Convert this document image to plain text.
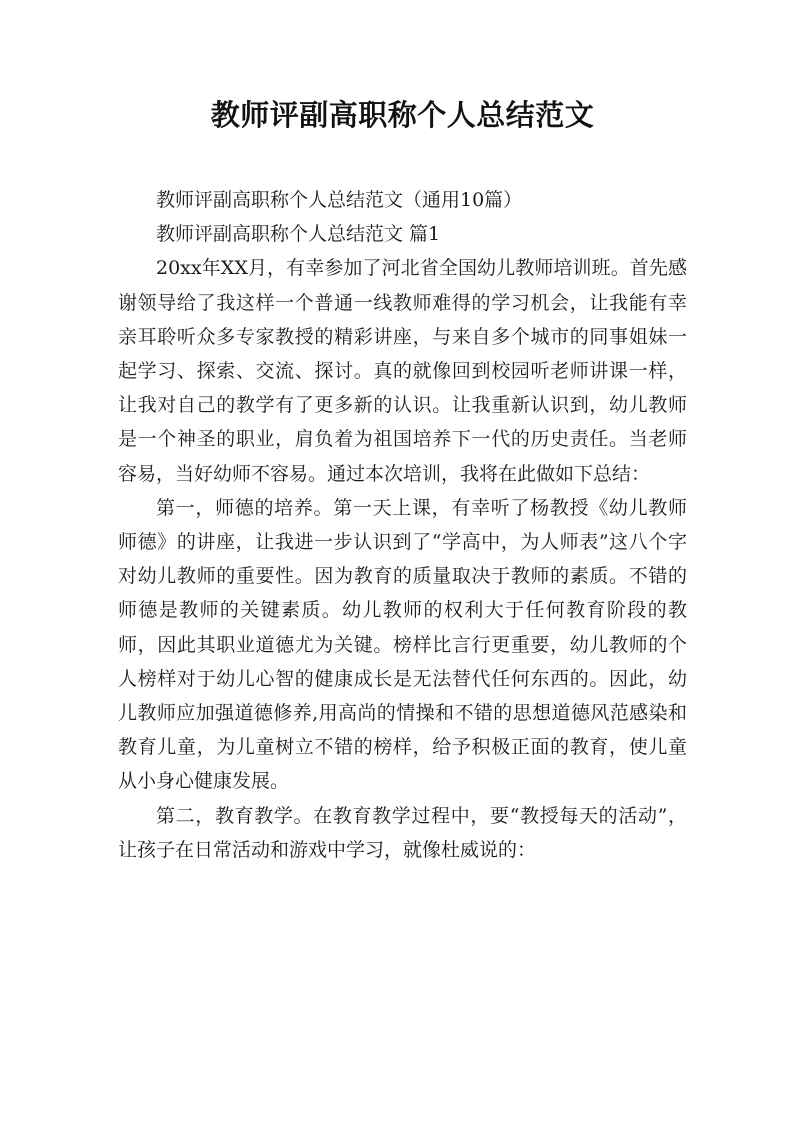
教师评副高职称个人总结范文

教师评副高职称个人总结范文（通用10篇）

教师评副高职称个人总结范文 篇1

20xx年XX月，有幸参加了河北省全国幼儿教师培训班。首先感谢领导给了我这样一个普通一线教师难得的学习机会，让我能有幸亲耳聆听众多专家教授的精彩讲座，与来自多个城市的同事姐妹一起学习、探索、交流、探讨。真的就像回到校园听老师讲课一样，让我对自己的教学有了更多新的认识。让我重新认识到，幼儿教师是一个神圣的职业，肩负着为祖国培养下一代的历史责任。当老师容易，当好幼师不容易。通过本次培训，我将在此做如下总结：

第一，师德的培养。第一天上课，有幸听了杨教授《幼儿教师师德》的讲座，让我进一步认识到了“学高中，为人师表”这八个字对幼儿教师的重要性。因为教育的质量取决于教师的素质。不错的师德是教师的关键素质。幼儿教师的权利大于任何教育阶段的教师，因此其职业道德尤为关键。榜样比言行更重要，幼儿教师的个人榜样对于幼儿心智的健康成长是无法替代任何东西的。因此，幼儿教师应加强道德修养,用高尚的情操和不错的思想道德风范感染和教育儿童，为儿童树立不错的榜样，给予积极正面的教育，使儿童从小身心健康发展。

第二，教育教学。在教育教学过程中，要“教授每天的活动”，让孩子在日常活动和游戏中学习，就像杜威说的：
